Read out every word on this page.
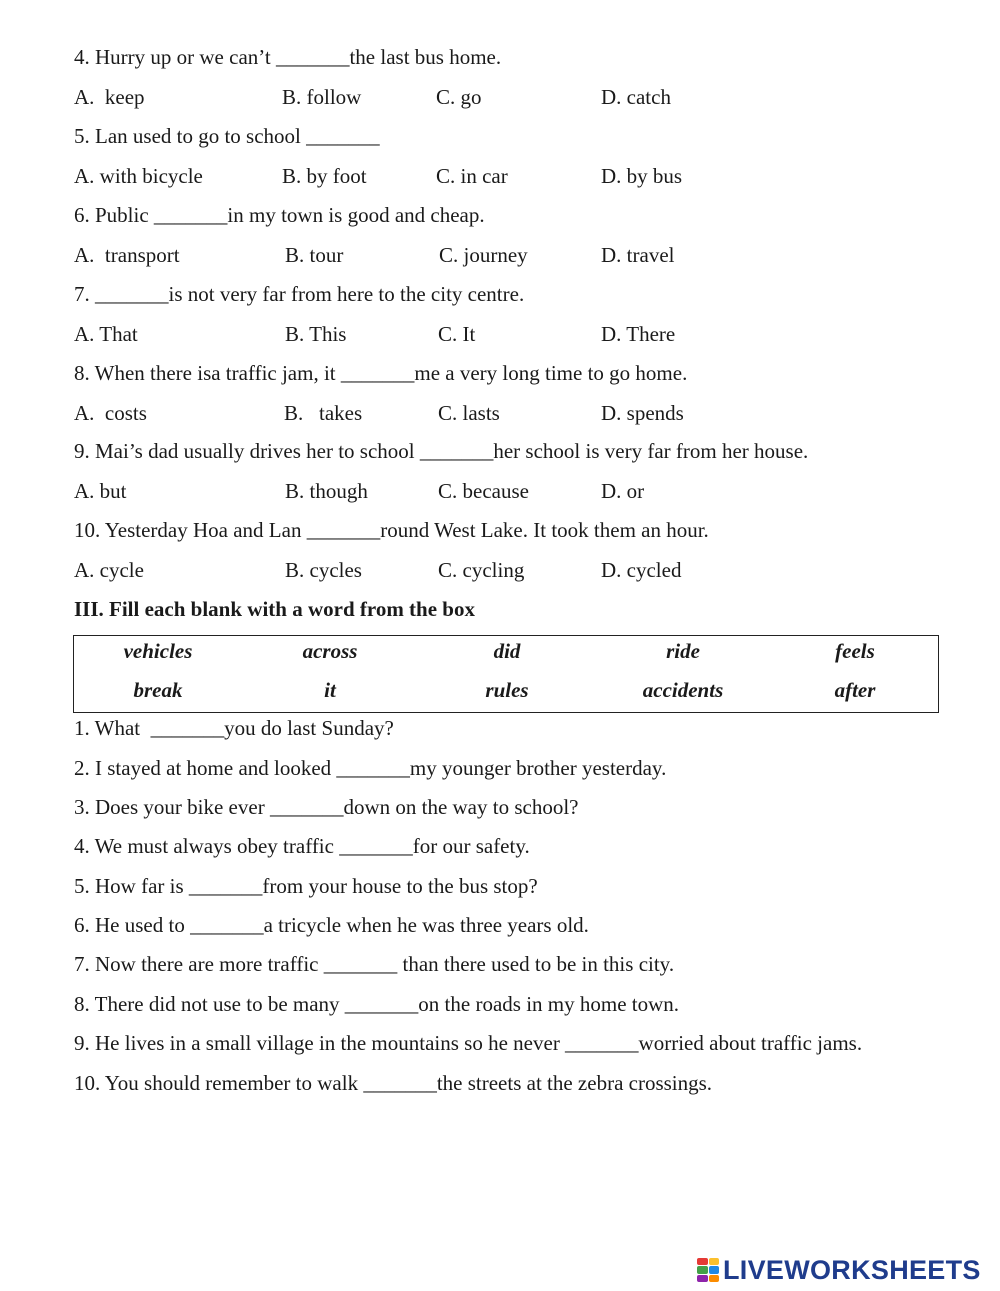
4. Hurry up or we can’t _______the last bus home.
A.  keep	B. follow	C. go	D. catch
5. Lan used to go to school _______
A. with bicycle	B. by foot	C. in car	D. by bus
6. Public _______in my town is good and cheap.
A.  transport	B. tour	C. journey	D. travel
7. _______is not very far from here to the city centre.
A. That	B. This	C. It	D. There
8. When there isa traffic jam, it _______me a very long time to go home.
A.  costs	B.   takes	C. lasts	D. spends
9. Mai’s dad usually drives her to school _______her school is very far from her house.
A. but	B. though	C. because	D. or
10. Yesterday Hoa and Lan _______round West Lake. It took them an hour.
A. cycle	B. cycles	C. cycling	D. cycled
III. Fill each blank with a word from the box
vehicles	across	did	ride	feels
break	it	rules	accidents	after
1. What  _______you do last Sunday?
2. I stayed at home and looked _______my younger brother yesterday.
3. Does your bike ever _______down on the way to school?
4. We must always obey traffic _______for our safety.
5. How far is _______from your house to the bus stop?
6. He used to _______a tricycle when he was three years old.
7. Now there are more traffic _______ than there used to be in this city.
8. There did not use to be many _______on the roads in my home town.
9. He lives in a small village in the mountains so he never _______worried about traffic jams.
10. You should remember to walk _______the streets at the zebra crossings.
LIVEWORKSHEETS
